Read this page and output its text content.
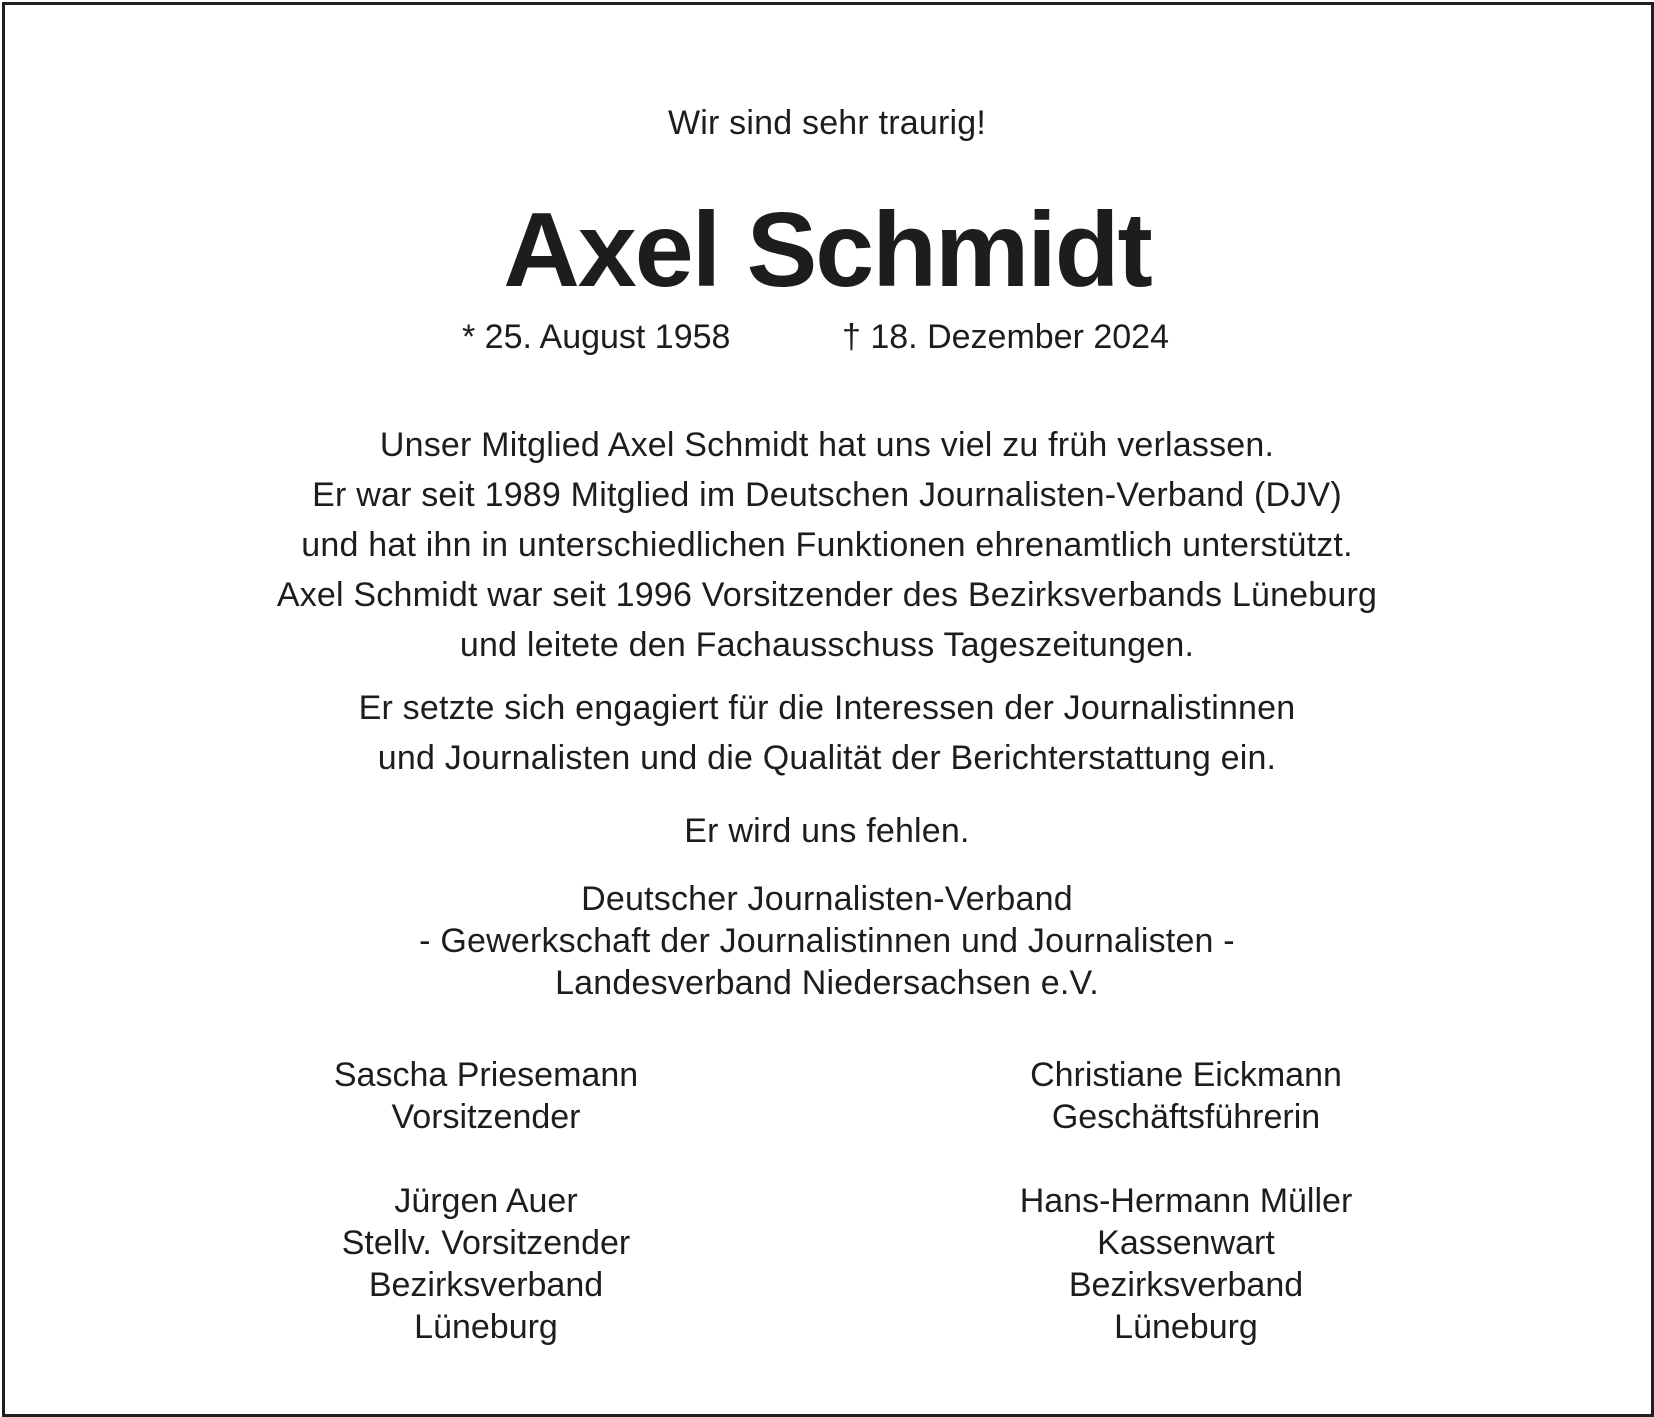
Wir sind sehr traurig!
Axel Schmidt
* 25. August 1958	† 18. Dezember 2024
Unser Mitglied Axel Schmidt hat uns viel zu früh verlassen.
Er war seit 1989 Mitglied im Deutschen Journalisten-Verband (DJV)
und hat ihn in unterschiedlichen Funktionen ehrenamtlich unterstützt.
Axel Schmidt war seit 1996 Vorsitzender des Bezirksverbands Lüneburg
und leitete den Fachausschuss Tageszeitungen.
Er setzte sich engagiert für die Interessen der Journalistinnen
und Journalisten und die Qualität der Berichterstattung ein.
Er wird uns fehlen.
Deutscher Journalisten-Verband
- Gewerkschaft der Journalistinnen und Journalisten -
Landesverband Niedersachsen e.V.
Sascha Priesemann
Vorsitzender
Christiane Eickmann
Geschäftsführerin
Jürgen Auer
Stellv. Vorsitzender
Bezirksverband
Lüneburg
Hans-Hermann Müller
Kassenwart
Bezirksverband
Lüneburg
